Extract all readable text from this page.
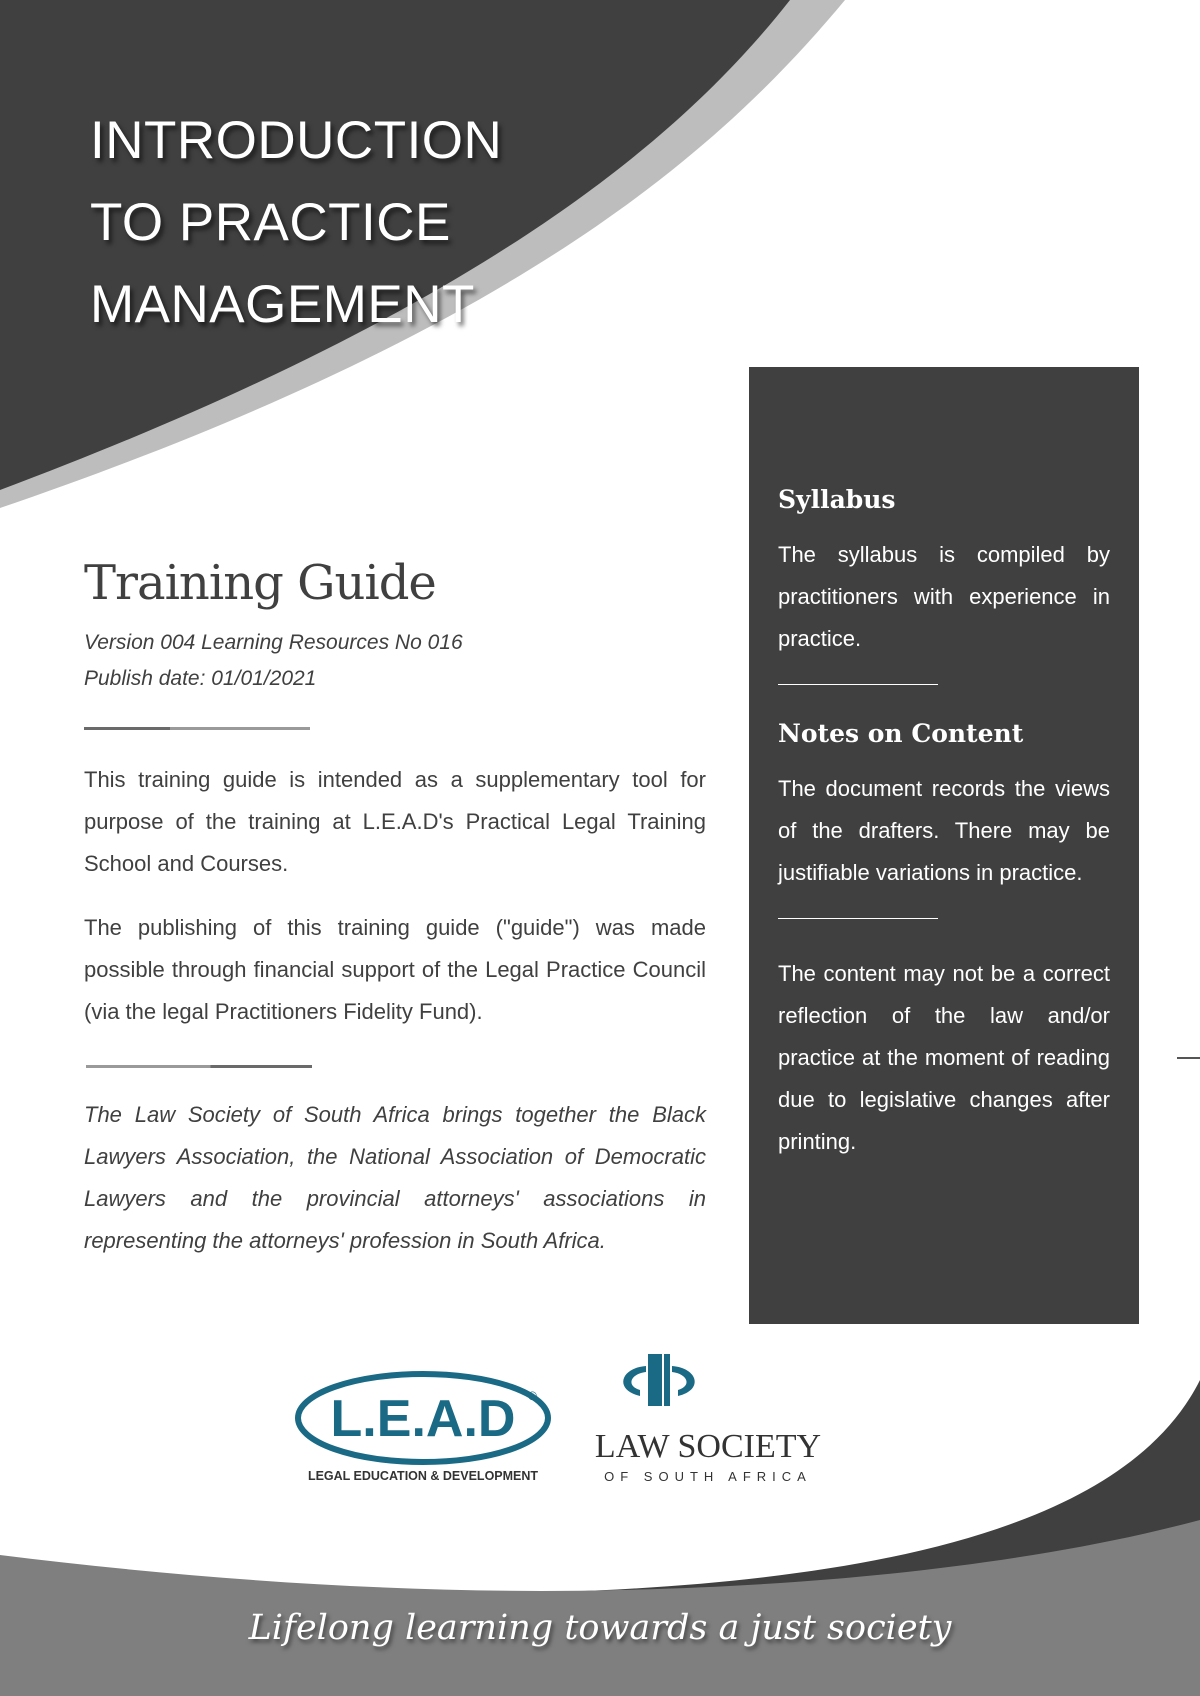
INTRODUCTION
TO PRACTICE
MANAGEMENT
Training Guide

Version 004 Learning Resources No 016

Publish date: 01/01/2021

This training guide is intended as a supplementary tool for purpose of the training at L.E.A.D's Practical Legal Training School and Courses.

The publishing of this training guide ("guide") was made possible through financial support of the Legal Practice Council (via the legal Practitioners Fidelity Fund).

The Law Society of South Africa brings together the Black Lawyers Association, the National Association of Democratic Lawyers and the provincial attorneys' associations in representing the attorneys' profession in South Africa.

Syllabus

The syllabus is compiled by practitioners with experience in practice.

Notes on Content

The document records the views of the drafters. There may be justifiable variations in practice.

The content may not be a correct reflection of the law and/or practice at the moment of reading due to legislative changes after printing.

L.E.A.D ®
LEGAL EDUCATION & DEVELOPMENT
LAW SOCIETY
OF SOUTH AFRICA
Lifelong learning towards a just society
